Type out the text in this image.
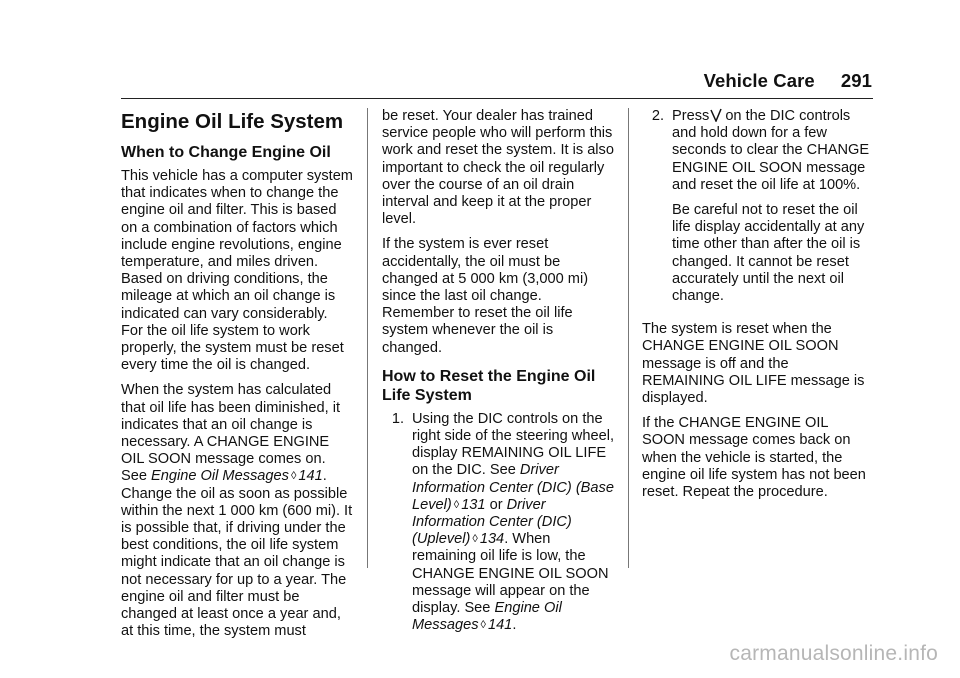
Vehicle Care 291
Engine Oil Life System
When to Change Engine Oil

This vehicle has a computer system that indicates when to change the engine oil and filter. This is based on a combination of factors which include engine revolutions, engine temperature, and miles driven. Based on driving conditions, the mileage at which an oil change is indicated can vary considerably. For the oil life system to work properly, the system must be reset every time the oil is changed.

When the system has calculated that oil life has been diminished, it indicates that an oil change is necessary. A CHANGE ENGINE OIL SOON message comes on. See Engine Oil Messages ◊ 141. Change the oil as soon as possible within the next 1 000 km (600 mi). It is possible that, if driving under the best conditions, the oil life system might indicate that an oil change is not necessary for up to a year. The engine oil and filter must be changed at least once a year and, at this time, the system must

be reset. Your dealer has trained service people who will perform this work and reset the system. It is also important to check the oil regularly over the course of an oil drain interval and keep it at the proper level.

If the system is ever reset accidentally, the oil must be changed at 5 000 km (3,000 mi) since the last oil change. Remember to reset the oil life system whenever the oil is changed.

How to Reset the Engine Oil Life System
1. Using the DIC controls on the right side of the steering wheel, display REMAINING OIL LIFE on the DIC. See Driver Information Center (DIC) (Base Level) ◊ 131 or Driver Information Center (DIC) (Uplevel) ◊ 134. When remaining oil life is low, the CHANGE ENGINE OIL SOON message will appear on the display. See Engine Oil Messages ◊ 141.
2. Press on the DIC controls and hold down for a few seconds to clear the CHANGE ENGINE OIL SOON message and reset the oil life at 100%.

Be careful not to reset the oil life display accidentally at any time other than after the oil is changed. It cannot be reset accurately until the next oil change.

The system is reset when the CHANGE ENGINE OIL SOON message is off and the REMAINING OIL LIFE message is displayed.

If the CHANGE ENGINE OIL SOON message comes back on when the vehicle is started, the engine oil life system has not been reset. Repeat the procedure.

carmanualsonline.info
